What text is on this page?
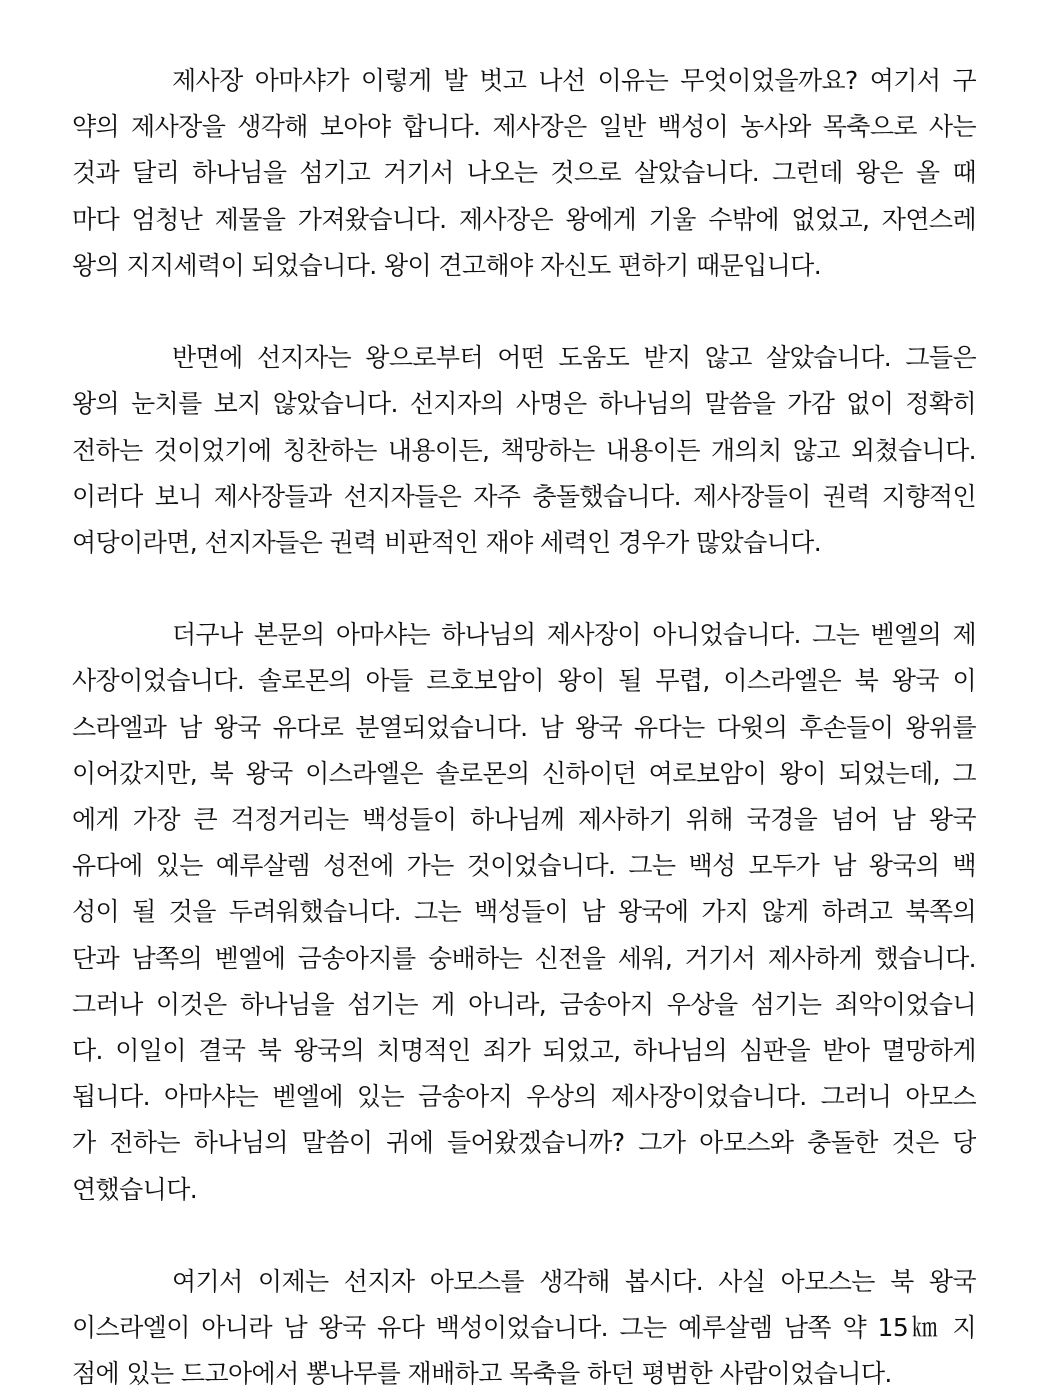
제사장 아마샤가 이렇게 발 벗고 나선 이유는 무엇이었을까요? 여기서 구
약의 제사장을 생각해 보아야 합니다. 제사장은 일반 백성이 농사와 목축으로 사는
것과 달리 하나님을 섬기고 거기서 나오는 것으로 살았습니다. 그런데 왕은 올 때
마다 엄청난 제물을 가져왔습니다. 제사장은 왕에게 기울 수밖에 없었고, 자연스레
왕의 지지세력이 되었습니다. 왕이 견고해야 자신도 편하기 때문입니다.
반면에 선지자는 왕으로부터 어떤 도움도 받지 않고 살았습니다. 그들은
왕의 눈치를 보지 않았습니다. 선지자의 사명은 하나님의 말씀을 가감 없이 정확히
전하는 것이었기에 칭찬하는 내용이든, 책망하는 내용이든 개의치 않고 외쳤습니다.
이러다 보니 제사장들과 선지자들은 자주 충돌했습니다. 제사장들이 권력 지향적인
여당이라면, 선지자들은 권력 비판적인 재야 세력인 경우가 많았습니다.
더구나 본문의 아마샤는 하나님의 제사장이 아니었습니다. 그는 벧엘의 제
사장이었습니다. 솔로몬의 아들 르호보암이 왕이 될 무렵, 이스라엘은 북 왕국 이
스라엘과 남 왕국 유다로 분열되었습니다. 남 왕국 유다는 다윗의 후손들이 왕위를
이어갔지만, 북 왕국 이스라엘은 솔로몬의 신하이던 여로보암이 왕이 되었는데, 그
에게 가장 큰 걱정거리는 백성들이 하나님께 제사하기 위해 국경을 넘어 남 왕국
유다에 있는 예루살렘 성전에 가는 것이었습니다. 그는 백성 모두가 남 왕국의 백
성이 될 것을 두려워했습니다. 그는 백성들이 남 왕국에 가지 않게 하려고 북쪽의
단과 남쪽의 벧엘에 금송아지를 숭배하는 신전을 세워, 거기서 제사하게 했습니다.
그러나 이것은 하나님을 섬기는 게 아니라, 금송아지 우상을 섬기는 죄악이었습니
다. 이일이 결국 북 왕국의 치명적인 죄가 되었고, 하나님의 심판을 받아 멸망하게
됩니다. 아마샤는 벧엘에 있는 금송아지 우상의 제사장이었습니다. 그러니 아모스
가 전하는 하나님의 말씀이 귀에 들어왔겠습니까? 그가 아모스와 충돌한 것은 당
연했습니다.
여기서 이제는 선지자 아모스를 생각해 봅시다. 사실 아모스는 북 왕국
이스라엘이 아니라 남 왕국 유다 백성이었습니다. 그는 예루살렘 남쪽 약 15㎞ 지
점에 있는 드고아에서 뽕나무를 재배하고 목축을 하던 평범한 사람이었습니다.
